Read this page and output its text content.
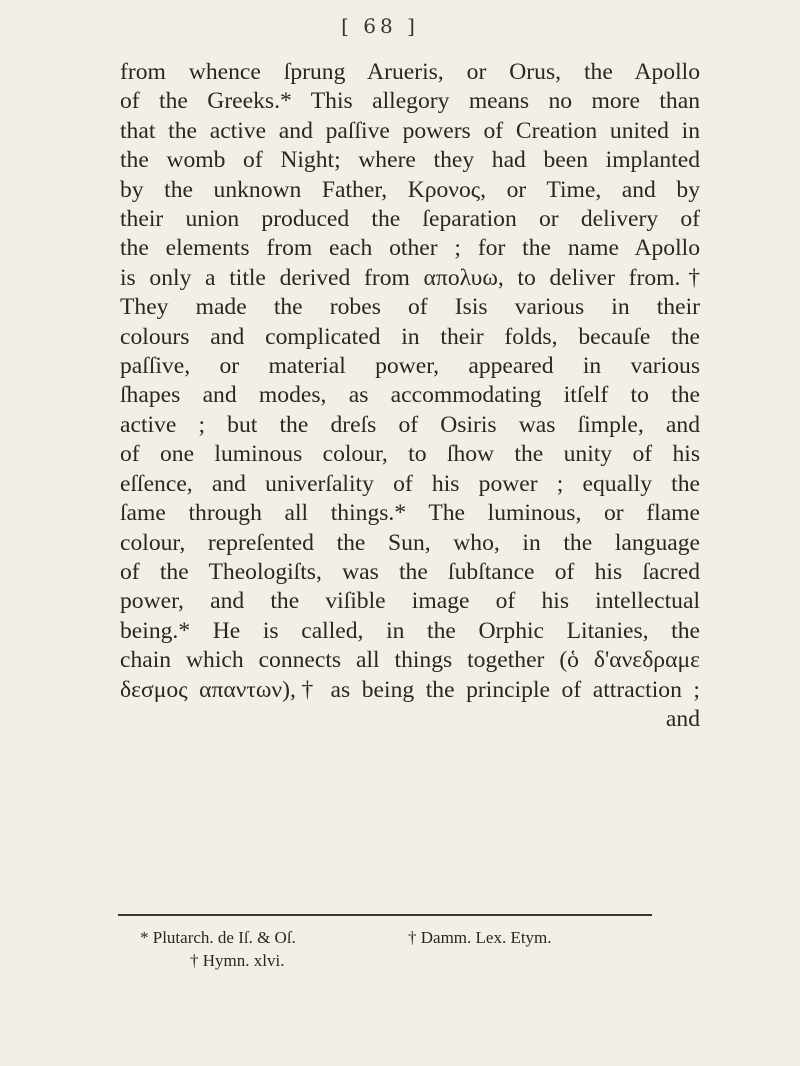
[ 68 ]
from whence ſprung Arueris, or Orus, the Apollo
of the Greeks.* This allegory means no more than
that the active and paſſive powers of Creation united in
the womb of Night; where they had been implanted
by the unknown Father, Κρονος, or Time, and by
their union produced the ſeparation or delivery of
the elements from each other ; for the name Apollo
is only a title derived from απολυω, to deliver from.†
They made the robes of Isis various in their
colours and complicated in their folds, becauſe the
paſſive, or material power, appeared in various
ſhapes and modes, as accommodating itſelf to the
active ; but the dreſs of Osiris was ſimple, and
of one luminous colour, to ſhow the unity of his
eſſence, and univerſality of his power ; equally the
ſame through all things.* The luminous, or flame
colour, repreſented the Sun, who, in the language
of the Theologiſts, was the ſubſtance of his ſacred
power, and the viſible image of his intellectual
being.* He is called, in the Orphic Litanies, the
chain which connects all things together (ὁ δ'ανεδραμε
δεσμος απαντων),† as being the principle of attraction ;
and
* Plutarch. de Iſ. & Oſ.	† Damm. Lex. Etym.
† Hymn. xlvi.
